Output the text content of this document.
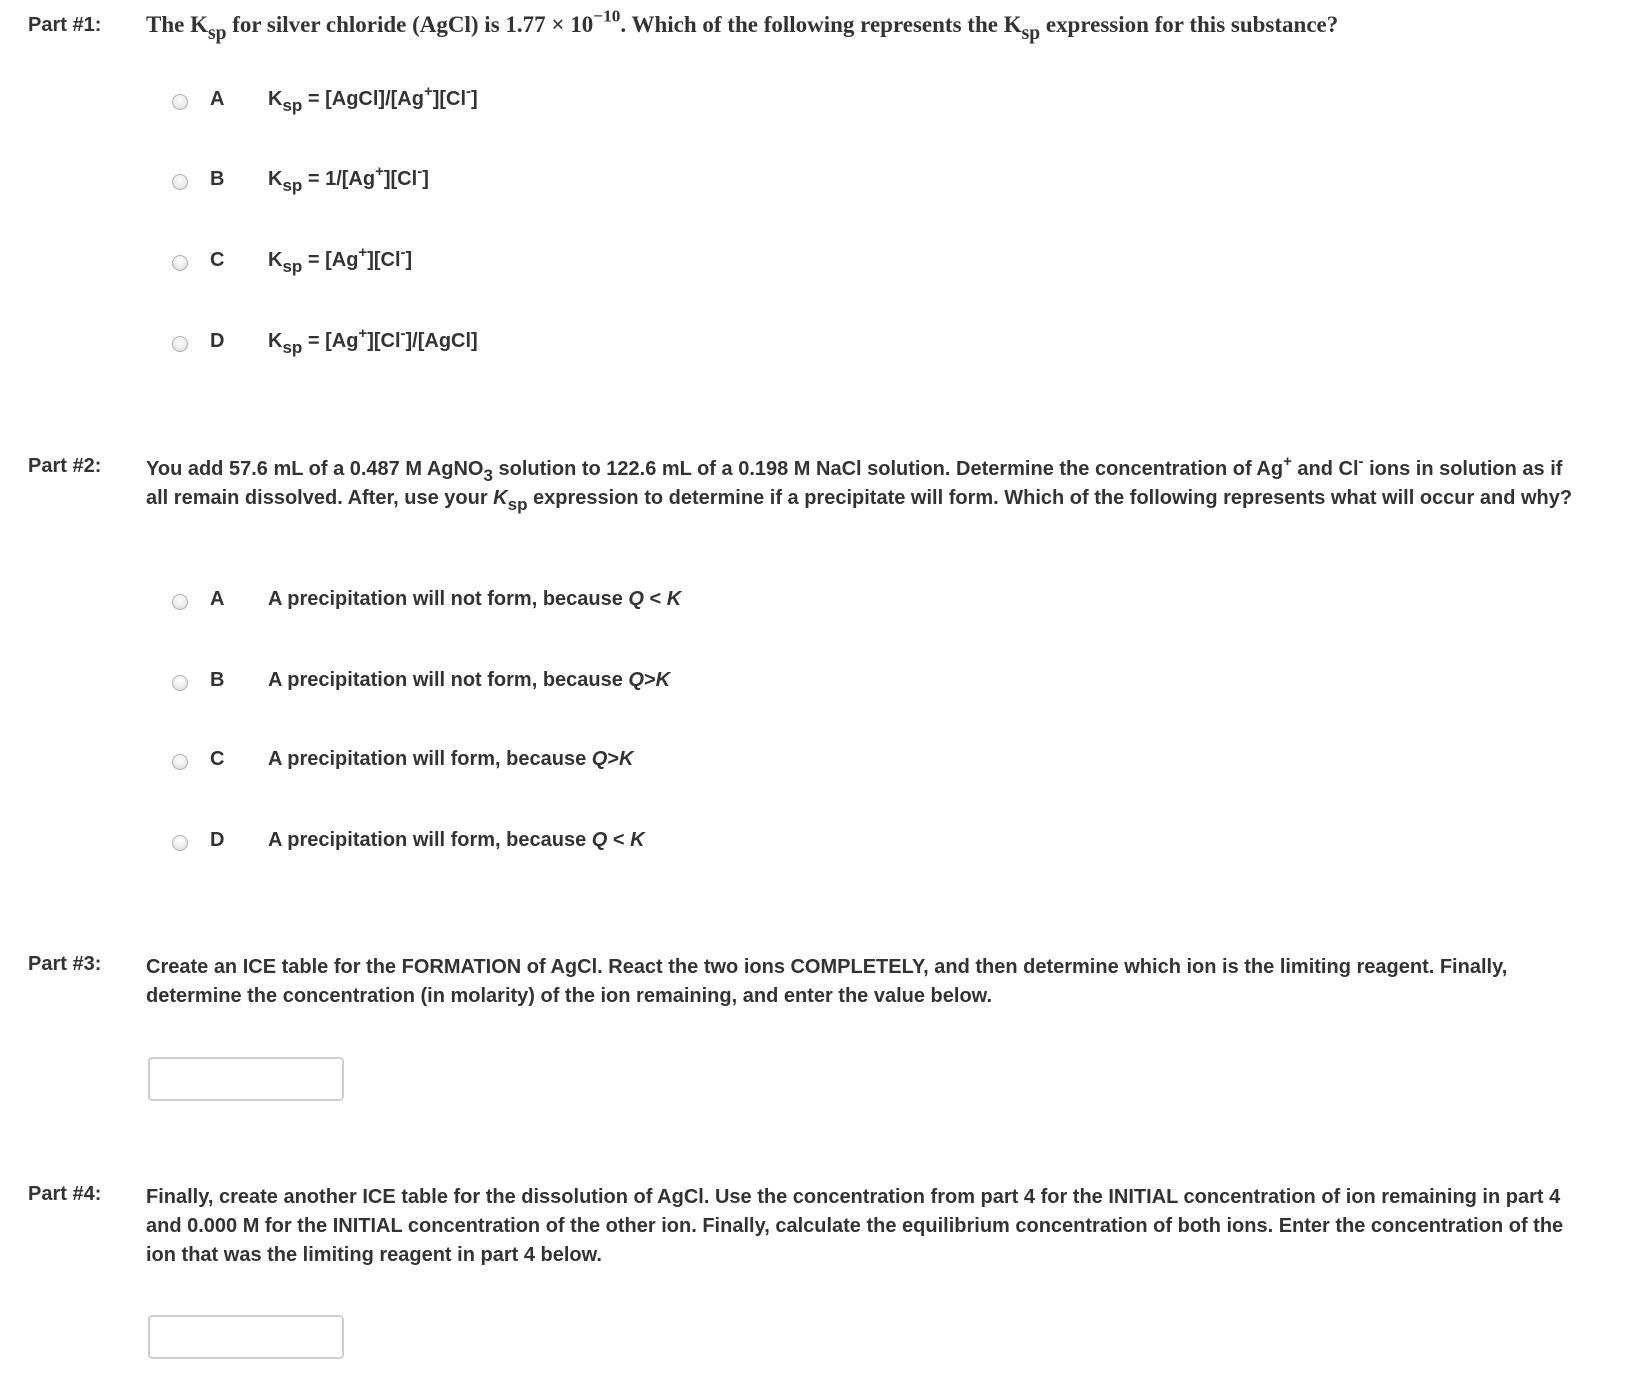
Part #1: The $K_{sp}$ for silver chloride (AgCl) is $1.77 \times 10^{-10}$. Which of the following represents the $K_{sp}$ expression for this substance?
A $K_{sp}$ = [AgCl]/[Ag+][Cl-]
B $K_{sp} = 1/[Ag^+][Cl^-]$
C $K_{sp} = [Ag^+][Cl^-]$
D $K_{sp}$ = [Ag+][Cl-]/[AgCl]
Part #2: You add 57.6 mL of a 0.487 M AgNO$_3$ solution to 122.6 mL of a 0.198 M NaCl solution. Determine the concentration of Ag+ and Cl- ions in solution as if all remain dissolved. After, use your $K_{sp}$ expression to determine if a precipitate will form. Which of the following represents what will occur and why?
A A precipitation will not form, because Q < K
B A precipitation will not form, because Q>K
C A precipitation will form, because Q>K
D A precipitation will form, because Q < K
Part #3: Create an ICE table for the FORMATION of AgCl. React the two ions COMPLETELY, and then determine which ion is the limiting reagent. Finally, determine the concentration (in molarity) of the ion remaining, and enter the value below.
Part #4: Finally, create another ICE table for the dissolution of AgCl. Use the concentration from part 4 for the INITIAL concentration of ion remaining in part 4 and 0.000 M for the INITIAL concentration of the other ion. Finally, calculate the equilibrium concentration of both ions. Enter the concentration of the ion that was the limiting reagent in part 4 below.
